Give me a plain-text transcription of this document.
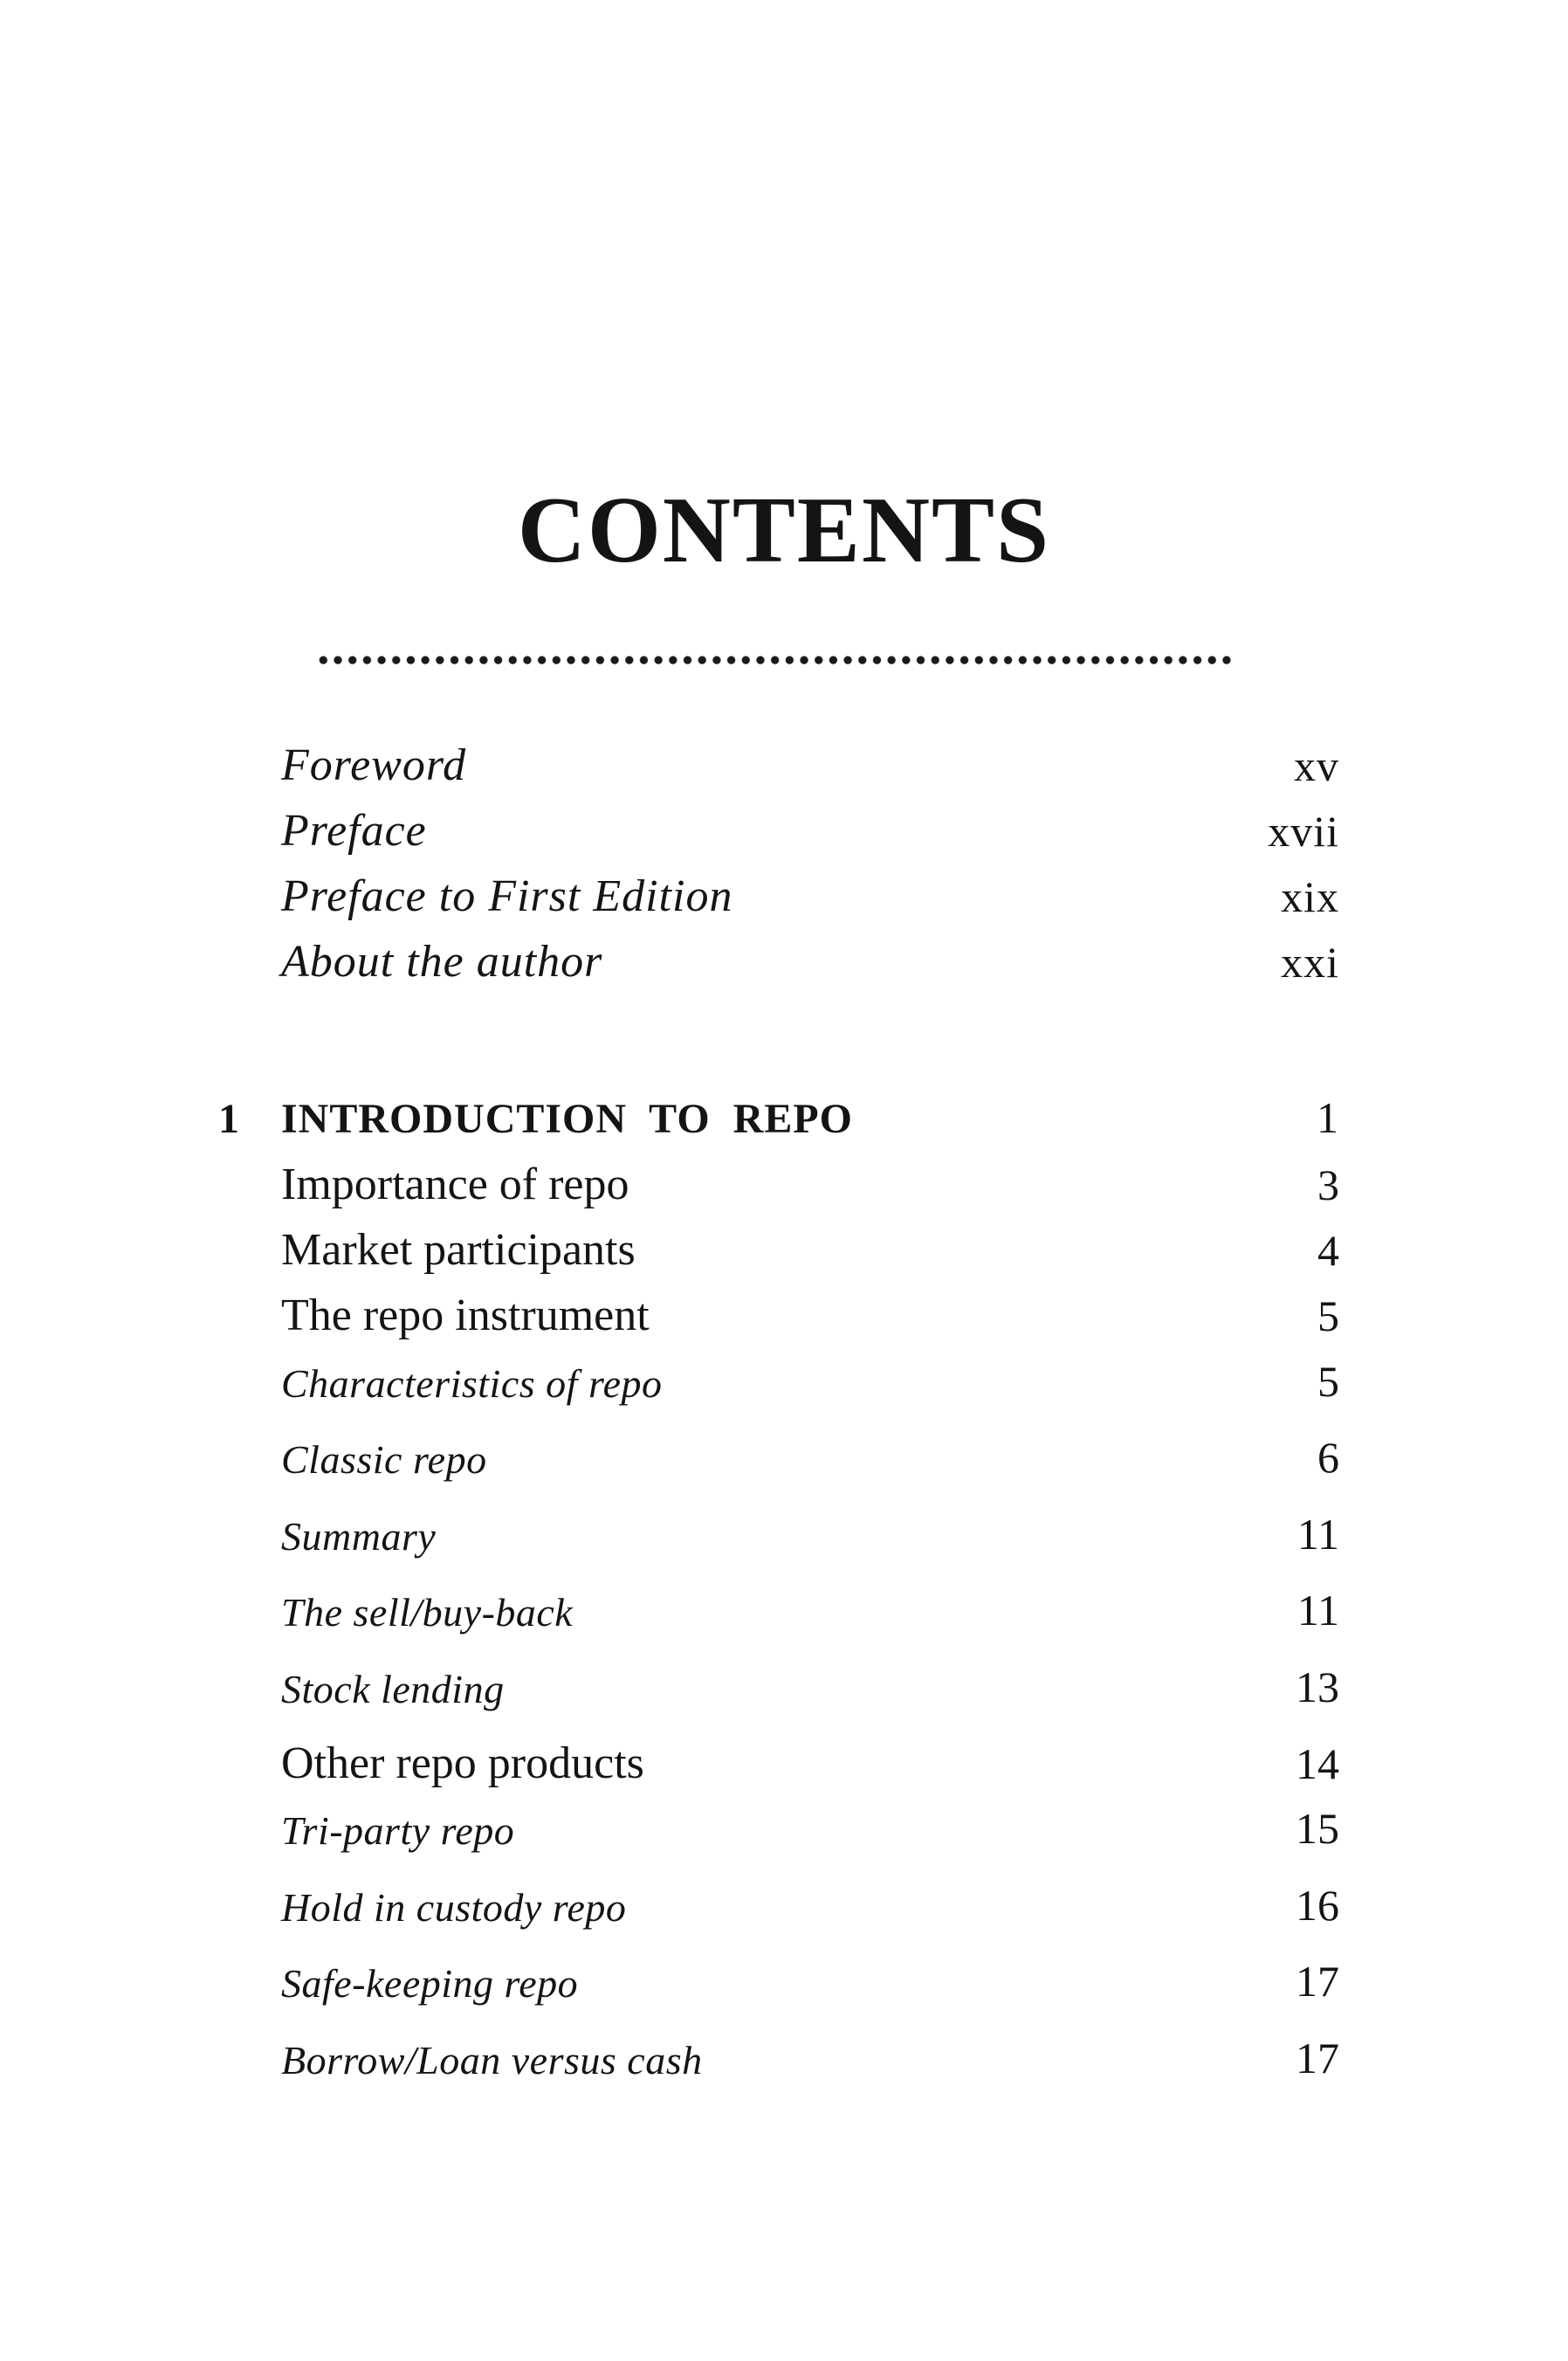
CONTENTS
Foreword	xv
Preface	xvii
Preface to First Edition	xix
About the author	xxi
1 INTRODUCTION  TO  REPO	1
Importance of repo	3
Market participants	4
The repo instrument	5
Characteristics of repo	5
Classic repo	6
Summary	11
The sell/buy-back	11
Stock lending	13
Other repo products	14
Tri-party repo	15
Hold in custody repo	16
Safe-keeping repo	17
Borrow/Loan versus cash	17
